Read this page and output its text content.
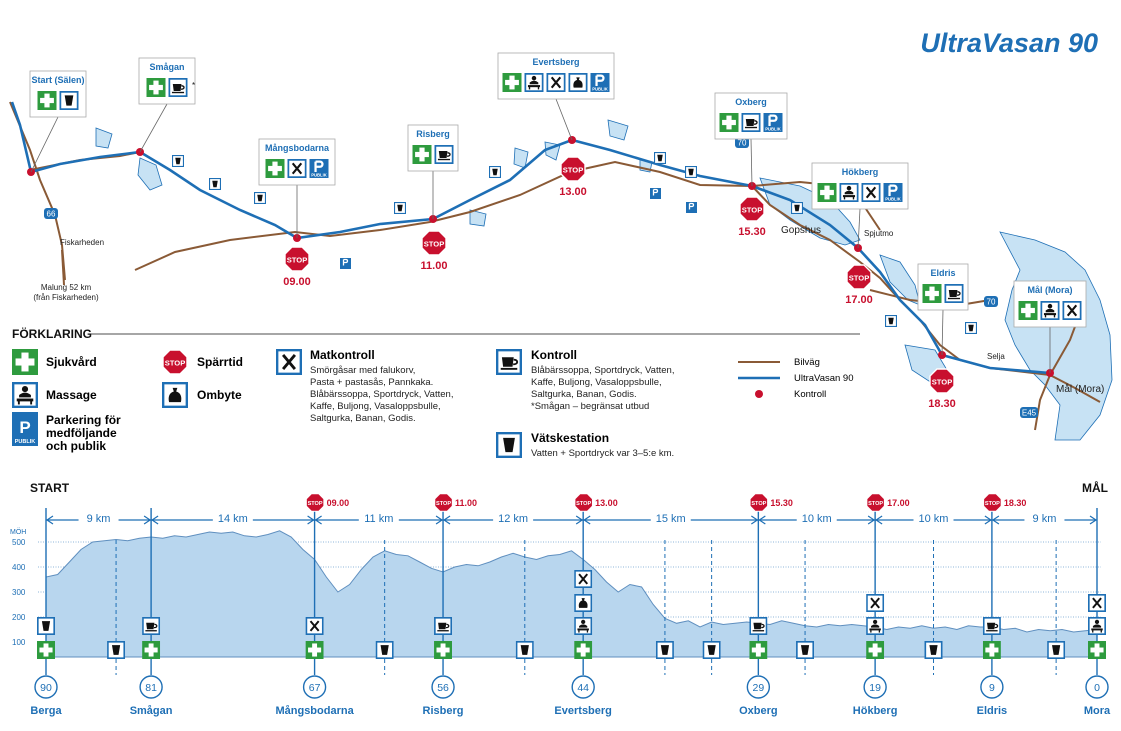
UltraVasan 90
09.00
11.00
13.00
15.30
17.00
18.30
Fiskarheden
Malung 52 km
(från Fiskarheden)
Gopshus	Spjutmo
Selja
Mål (Mora)
66
70
70
E45
Start (Sälen)
Smågan
*
Mångsbodarna
PUBLIK
Risberg
Evertsberg
PUBLIK
Oxberg
PUBLIK
Hökberg
PUBLIK
Eldris
Mål (Mora)
FÖRKLARING
Sjukvård
Massage
P
PUBLIK
Parkering för
medföljande
och publik
Spärrtid
Ombyte
Matkontroll
Smörgåsar med falukorv,
Pasta + pastasås, Pannkaka.
Blåbärssoppa, Sportdryck, Vatten,
Kaffe, Buljong, Vasaloppsbulle,
Saltgurka, Banan, Godis.
Kontroll
Blåbärssoppa, Sportdryck, Vatten,
Kaffe, Buljong, Vasaloppsbulle,
Saltgurka, Banan, Godis.
*Smågan – begränsat utbud
Vätskestation
Vatten + Sportdryck var 3–5:e km.
Bilväg
UltraVasan 90
Kontroll
START	MÅL
MÖH
500
400
300
200
100
9 km	14 km	11 km	12 km	15 km	10 km	10 km	9 km
09.00	11.00	13.00	15.30	17.00	18.30
90
Berga
81
Smågan
67
Mångsbodarna
56
Risberg
44
Evertsberg
29
Oxberg
19
Hökberg
9
Eldris
0
Mora
